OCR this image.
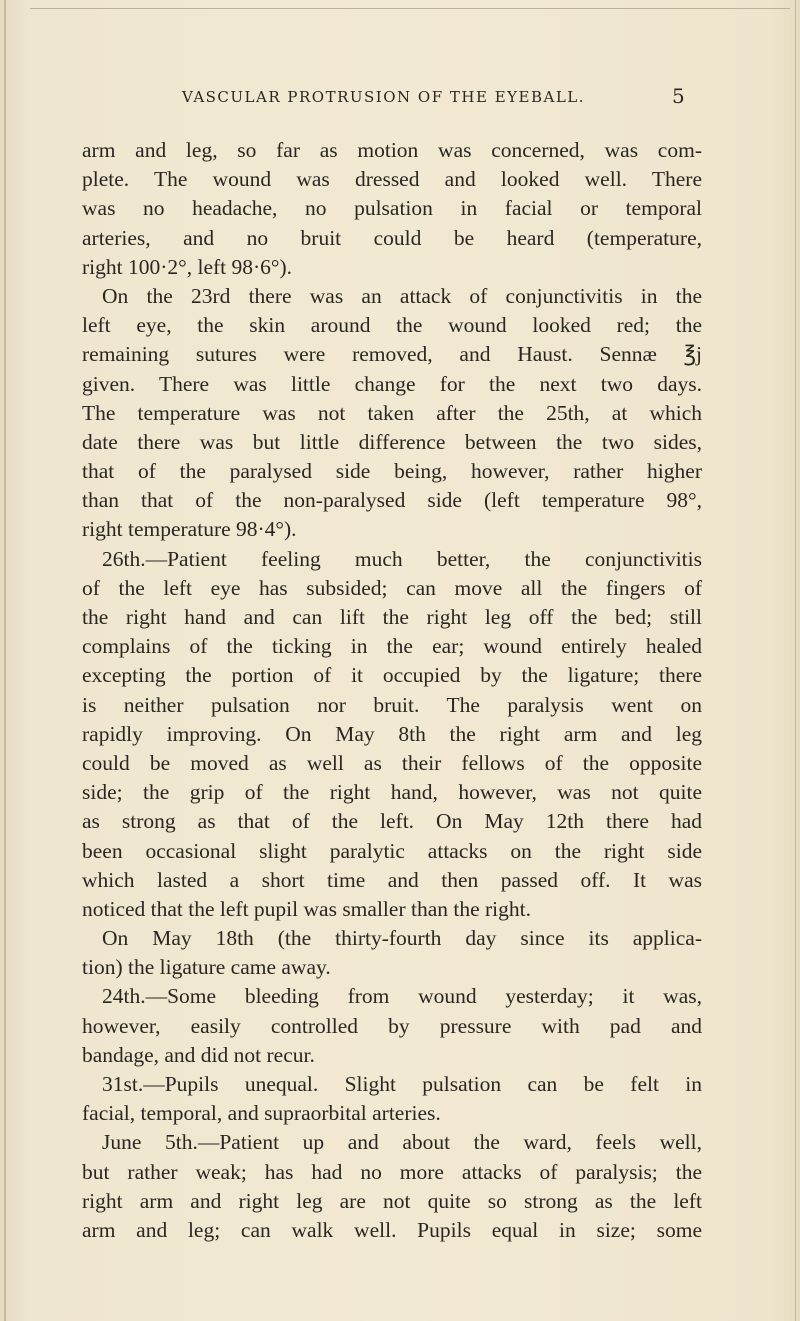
VASCULAR PROTRUSION OF THE EYEBALL.	5
arm and leg, so far as motion was concerned, was com-
plete. The wound was dressed and looked well. There
was no headache, no pulsation in facial or temporal
arteries, and no bruit could be heard (temperature,
right 100·2°, left 98·6°).
On the 23rd there was an attack of conjunctivitis in the
left eye, the skin around the wound looked red; the
remaining sutures were removed, and Haust. Sennæ ℥j
given. There was little change for the next two days.
The temperature was not taken after the 25th, at which
date there was but little difference between the two sides,
that of the paralysed side being, however, rather higher
than that of the non-paralysed side (left temperature 98°,
right temperature 98·4°).
26th.—Patient feeling much better, the conjunctivitis
of the left eye has subsided; can move all the fingers of
the right hand and can lift the right leg off the bed; still
complains of the ticking in the ear; wound entirely healed
excepting the portion of it occupied by the ligature; there
is neither pulsation nor bruit. The paralysis went on
rapidly improving. On May 8th the right arm and leg
could be moved as well as their fellows of the opposite
side; the grip of the right hand, however, was not quite
as strong as that of the left. On May 12th there had
been occasional slight paralytic attacks on the right side
which lasted a short time and then passed off. It was
noticed that the left pupil was smaller than the right.
On May 18th (the thirty-fourth day since its applica-
tion) the ligature came away.
24th.—Some bleeding from wound yesterday; it was,
however, easily controlled by pressure with pad and
bandage, and did not recur.
31st.—Pupils unequal. Slight pulsation can be felt in
facial, temporal, and supraorbital arteries.
June 5th.—Patient up and about the ward, feels well,
but rather weak; has had no more attacks of paralysis; the
right arm and right leg are not quite so strong as the left
arm and leg; can walk well. Pupils equal in size; some
